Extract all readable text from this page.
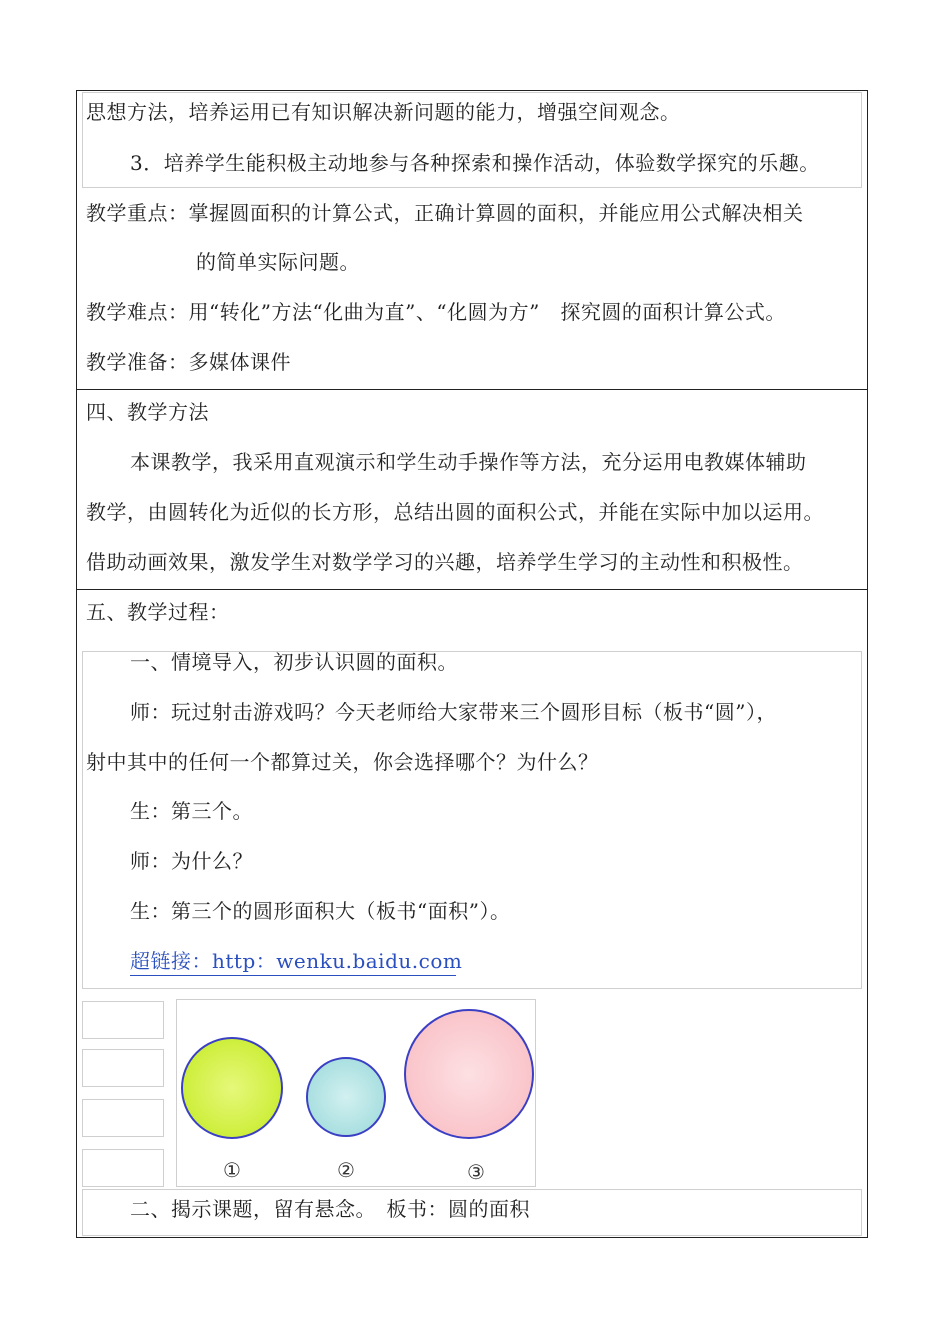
思想方法，培养运用已有知识解决新问题的能力，增强空间观念。
3．培养学生能积极主动地参与各种探索和操作活动，体验数学探究的乐趣。
教学重点：掌握圆面积的计算公式，正确计算圆的面积，并能应用公式解决相关
的简单实际问题。
教学难点：用“转化”方法“化曲为直”、“化圆为方”　探究圆的面积计算公式。
教学准备：多媒体课件
四、教学方法
本课教学，我采用直观演示和学生动手操作等方法，充分运用电教媒体辅助
教学，由圆转化为近似的长方形，总结出圆的面积公式，并能在实际中加以运用。
借助动画效果，激发学生对数学学习的兴趣，培养学生学习的主动性和积极性。
五、教学过程：
一、情境导入，初步认识圆的面积。
师：玩过射击游戏吗？今天老师给大家带来三个圆形目标（板书“圆”），
射中其中的任何一个都算过关，你会选择哪个？为什么？
生：第三个。
师：为什么？
生：第三个的圆形面积大（板书“面积”）。
超链接：http：wenku.baidu.com
①	②	③
二、揭示课题，留有悬念。　板书：圆的面积
